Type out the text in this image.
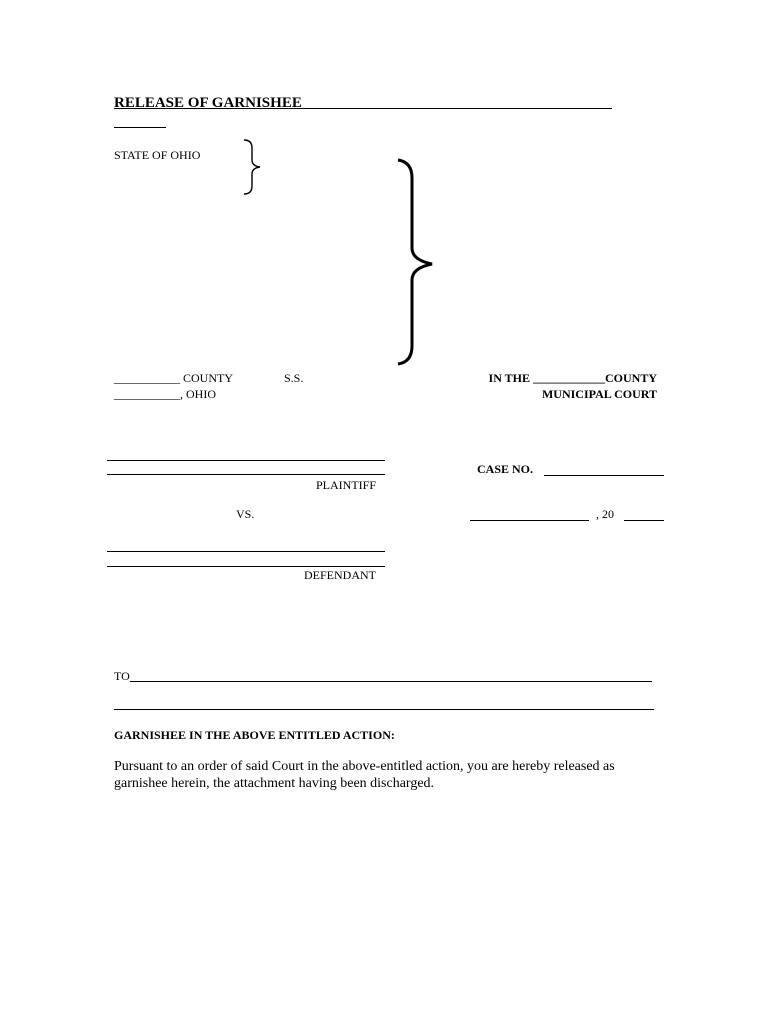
RELEASE OF GARNISHEE
STATE OF OHIO
___________ COUNTY	S.S.
___________, OHIO
IN THE ____________COUNTY
MUNICIPAL COURT
PLAINTIFF
CASE NO.
VS.	, 20
DEFENDANT
TO
GARNISHEE IN THE ABOVE ENTITLED ACTION:
Pursuant to an order of said Court in the above-entitled action, you are hereby released as garnishee herein, the attachment having been discharged.
